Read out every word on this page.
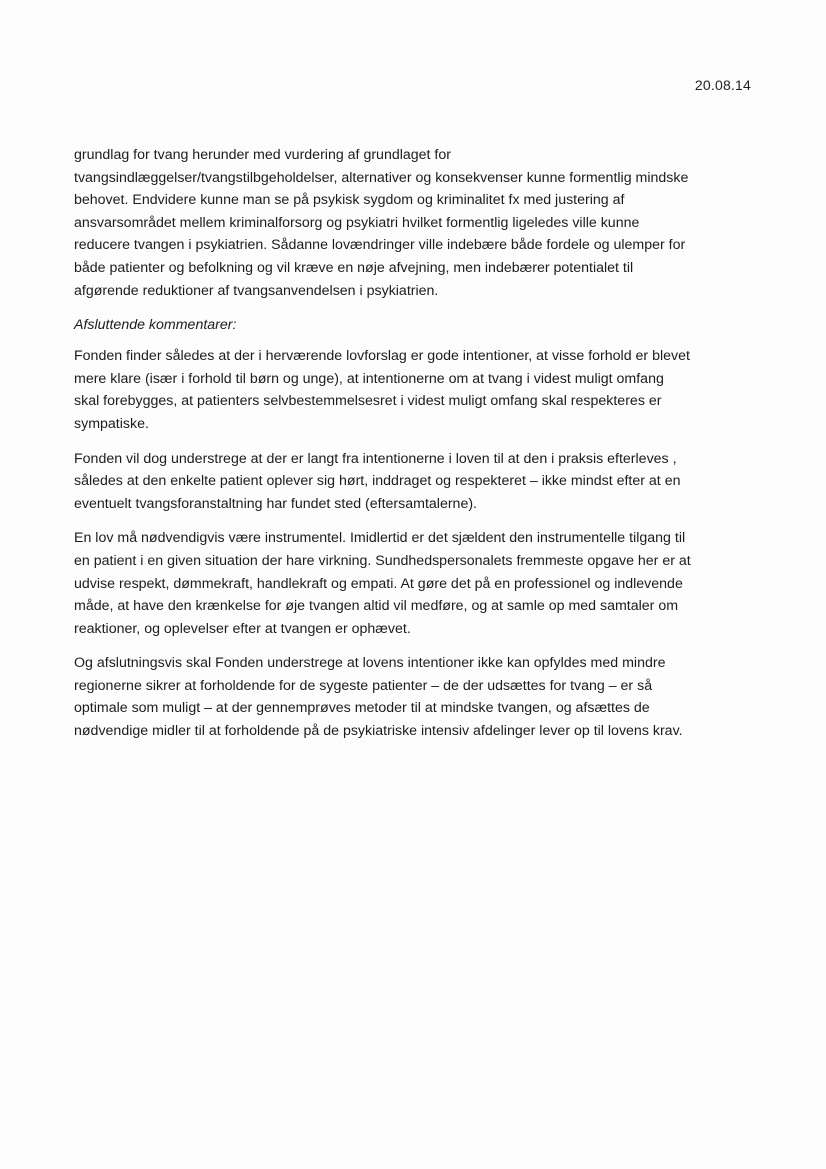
20.08.14

grundlag for tvang herunder med vurdering af grundlaget for
tvangsindlæggelser/tvangstilbgeholdelser, alternativer og konsekvenser kunne formentlig mindske
behovet. Endvidere kunne man se på psykisk sygdom og kriminalitet fx med justering af
ansvarsområdet mellem kriminalforsorg og psykiatri hvilket formentlig ligeledes ville kunne
reducere tvangen i psykiatrien. Sådanne lovændringer ville indebære både fordele og ulemper for
både patienter og befolkning og vil kræve en nøje afvejning, men indebærer potentialet til
afgørende reduktioner af tvangsanvendelsen i psykiatrien.

Afsluttende kommentarer:

Fonden finder således at der i herværende lovforslag er gode intentioner, at visse forhold er blevet
mere klare (især i forhold til børn og unge), at intentionerne om at tvang i videst muligt omfang
skal forebygges, at patienters selvbestemmelsesret i videst muligt omfang skal respekteres er
sympatiske.

Fonden vil dog understrege at der er langt fra intentionerne i loven til at den i praksis efterleves ,
således at den enkelte patient oplever sig hørt, inddraget og respekteret – ikke mindst efter at en
eventuelt tvangsforanstaltning har fundet sted (eftersamtalerne).

En lov må nødvendigvis være instrumentel. Imidlertid er det sjældent den instrumentelle tilgang til
en patient i en given situation der hare virkning. Sundhedspersonalets fremmeste opgave her er at
udvise respekt, dømmekraft, handlekraft og empati. At gøre det på en professionel og indlevende
måde, at have den krænkelse for øje tvangen altid vil medføre, og at samle op med samtaler om
reaktioner, og oplevelser efter at tvangen er ophævet.

Og afslutningsvis skal Fonden understrege at lovens intentioner ikke kan opfyldes med mindre
regionerne sikrer at forholdende for de sygeste patienter – de der udsættes for tvang – er så
optimale som muligt – at der gennemprøves metoder til at mindske tvangen, og afsættes de
nødvendige midler til at forholdende på de psykiatriske intensiv afdelinger lever op til lovens krav.
